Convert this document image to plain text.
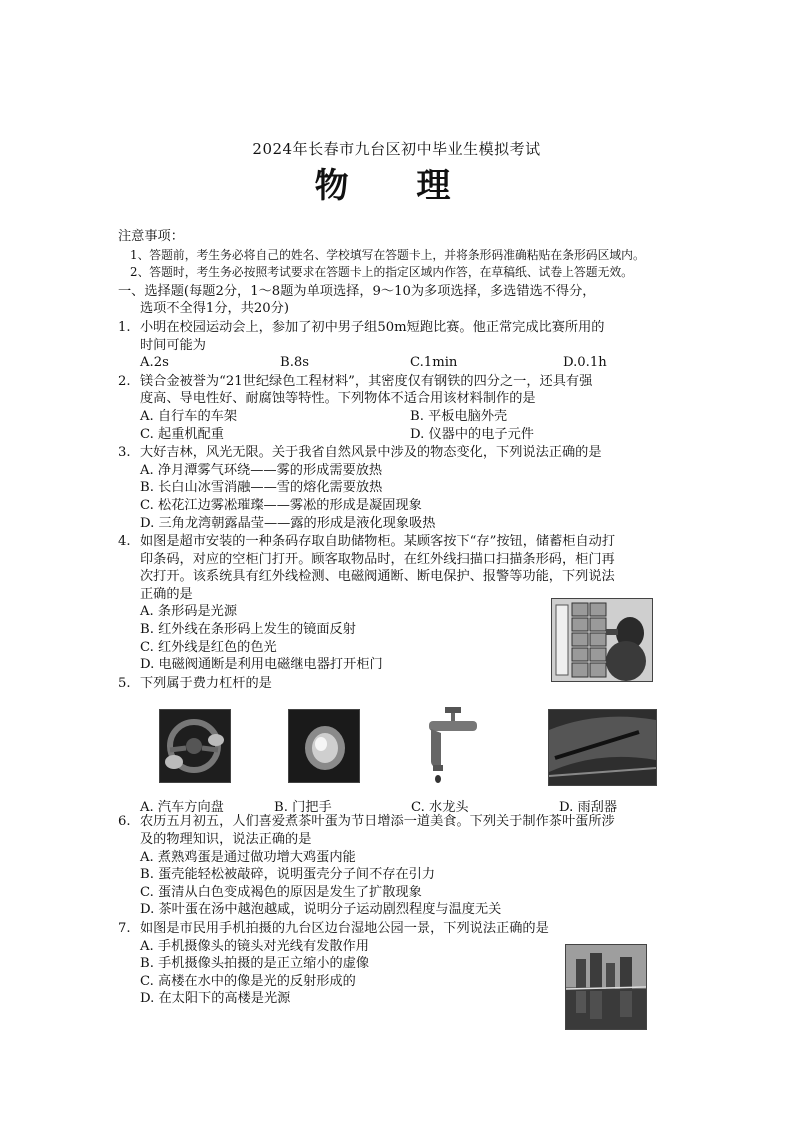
2024年长春市九台区初中毕业生模拟考试
物 理
注意事项：
1、答题前，考生务必将自己的姓名、学校填写在答题卡上，并将条形码准确粘贴在条形码区域内。
2、答题时，考生务必按照考试要求在答题卡上的指定区域内作答，在草稿纸、试卷上答题无效。
一、选择题(每题2分，1～8题为单项选择，9～10为多项选择，多选错选不得分，
选项不全得1分，共20分)
1. 小明在校园运动会上，参加了初中男子组50m短跑比赛。他正常完成比赛所用的
时间可能为
A.2s	B.8s	C.1min	D.0.1h
2. 镁合金被誉为“21世纪绿色工程材料”，其密度仅有钢铁的四分之一，还具有强
度高、导电性好、耐腐蚀等特性。下列物体不适合用该材料制作的是
A. 自行车的车架	B. 平板电脑外壳
C. 起重机配重	D. 仪器中的电子元件
3. 大好吉林，风光无限。关于我省自然风景中涉及的物态变化，下列说法正确的是
A. 净月潭雾气环绕——雾的形成需要放热
B. 长白山冰雪消融——雪的熔化需要放热
C. 松花江边雾凇璀璨——雾凇的形成是凝固现象
D. 三角龙湾朝露晶莹——露的形成是液化现象吸热
4. 如图是超市安装的一种条码存取自助储物柜。某顾客按下“存”按钮，储蓄柜自动打
印条码，对应的空柜门打开。顾客取物品时，在红外线扫描口扫描条形码，柜门再
次打开。该系统具有红外线检测、电磁阀通断、断电保护、报警等功能，下列说法
正确的是
A. 条形码是光源
B. 红外线在条形码上发生的镜面反射
C. 红外线是红色的色光
D. 电磁阀通断是利用电磁继电器打开柜门
5. 下列属于费力杠杆的是
6. 农历五月初五，人们喜爱煮茶叶蛋为节日增添一道美食。下列关于制作茶叶蛋所涉
及的物理知识，说法正确的是
A. 煮熟鸡蛋是通过做功增大鸡蛋内能
B. 蛋壳能轻松被敲碎，说明蛋壳分子间不存在引力
C. 蛋清从白色变成褐色的原因是发生了扩散现象
D. 茶叶蛋在汤中越泡越咸，说明分子运动剧烈程度与温度无关
7. 如图是市民用手机拍摄的九台区边台湿地公园一景，下列说法正确的是
A. 手机摄像头的镜头对光线有发散作用
B. 手机摄像头拍摄的是正立缩小的虚像
C. 高楼在水中的像是光的反射形成的
D. 在太阳下的高楼是光源
A. 汽车方向盘	B. 门把手	C. 水龙头	D. 雨刮器
